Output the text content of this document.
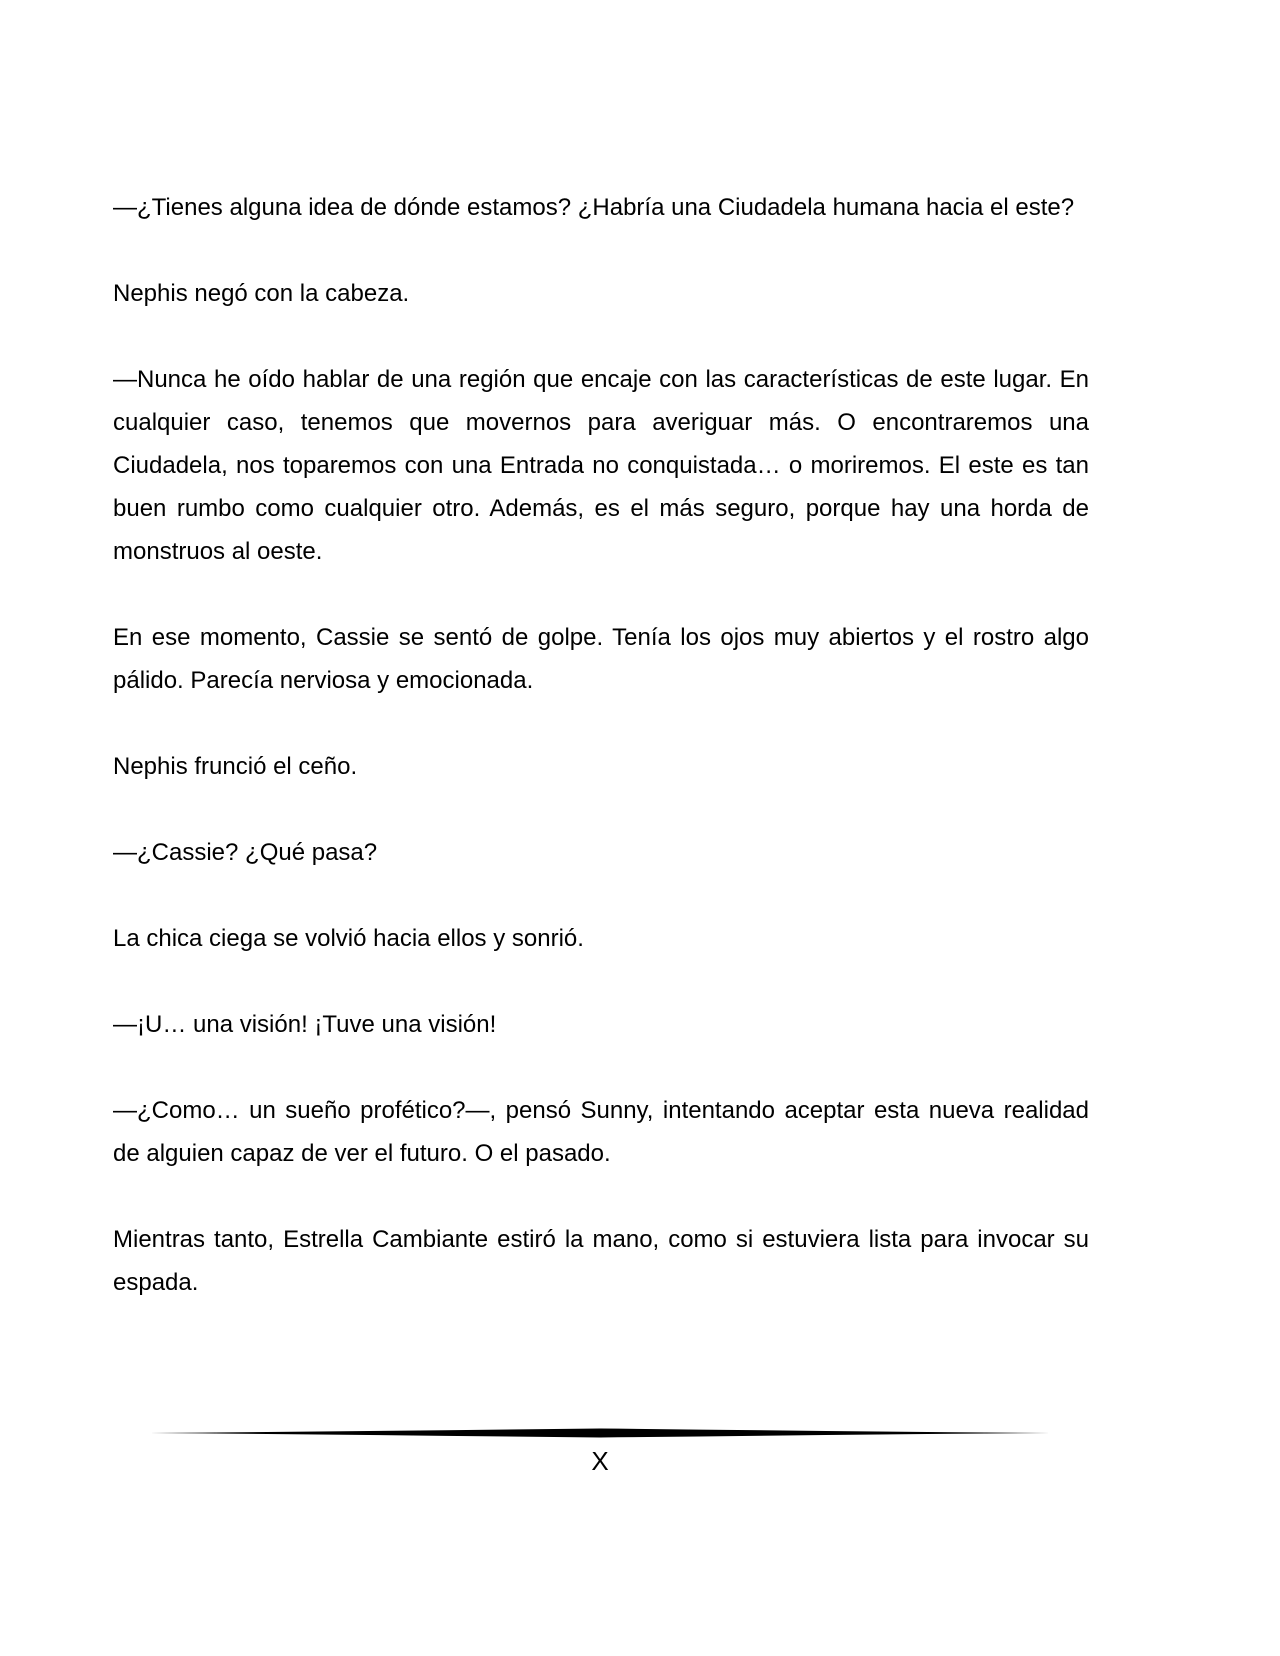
—¿Tienes alguna idea de dónde estamos? ¿Habría una Ciudadela humana hacia el este?

Nephis negó con la cabeza.

—Nunca he oído hablar de una región que encaje con las características de este lugar. En cualquier caso, tenemos que movernos para averiguar más. O encontraremos una Ciudadela, nos toparemos con una Entrada no conquistada… o moriremos. El este es tan buen rumbo como cualquier otro. Además, es el más seguro, porque hay una horda de monstruos al oeste.

En ese momento, Cassie se sentó de golpe. Tenía los ojos muy abiertos y el rostro algo pálido. Parecía nerviosa y emocionada.

Nephis frunció el ceño.

—¿Cassie? ¿Qué pasa?

La chica ciega se volvió hacia ellos y sonrió.

—¡U… una visión! ¡Tuve una visión!

—¿Como… un sueño profético?—, pensó Sunny, intentando aceptar esta nueva realidad de alguien capaz de ver el futuro. O el pasado.

Mientras tanto, Estrella Cambiante estiró la mano, como si estuviera lista para invocar su espada.

X
